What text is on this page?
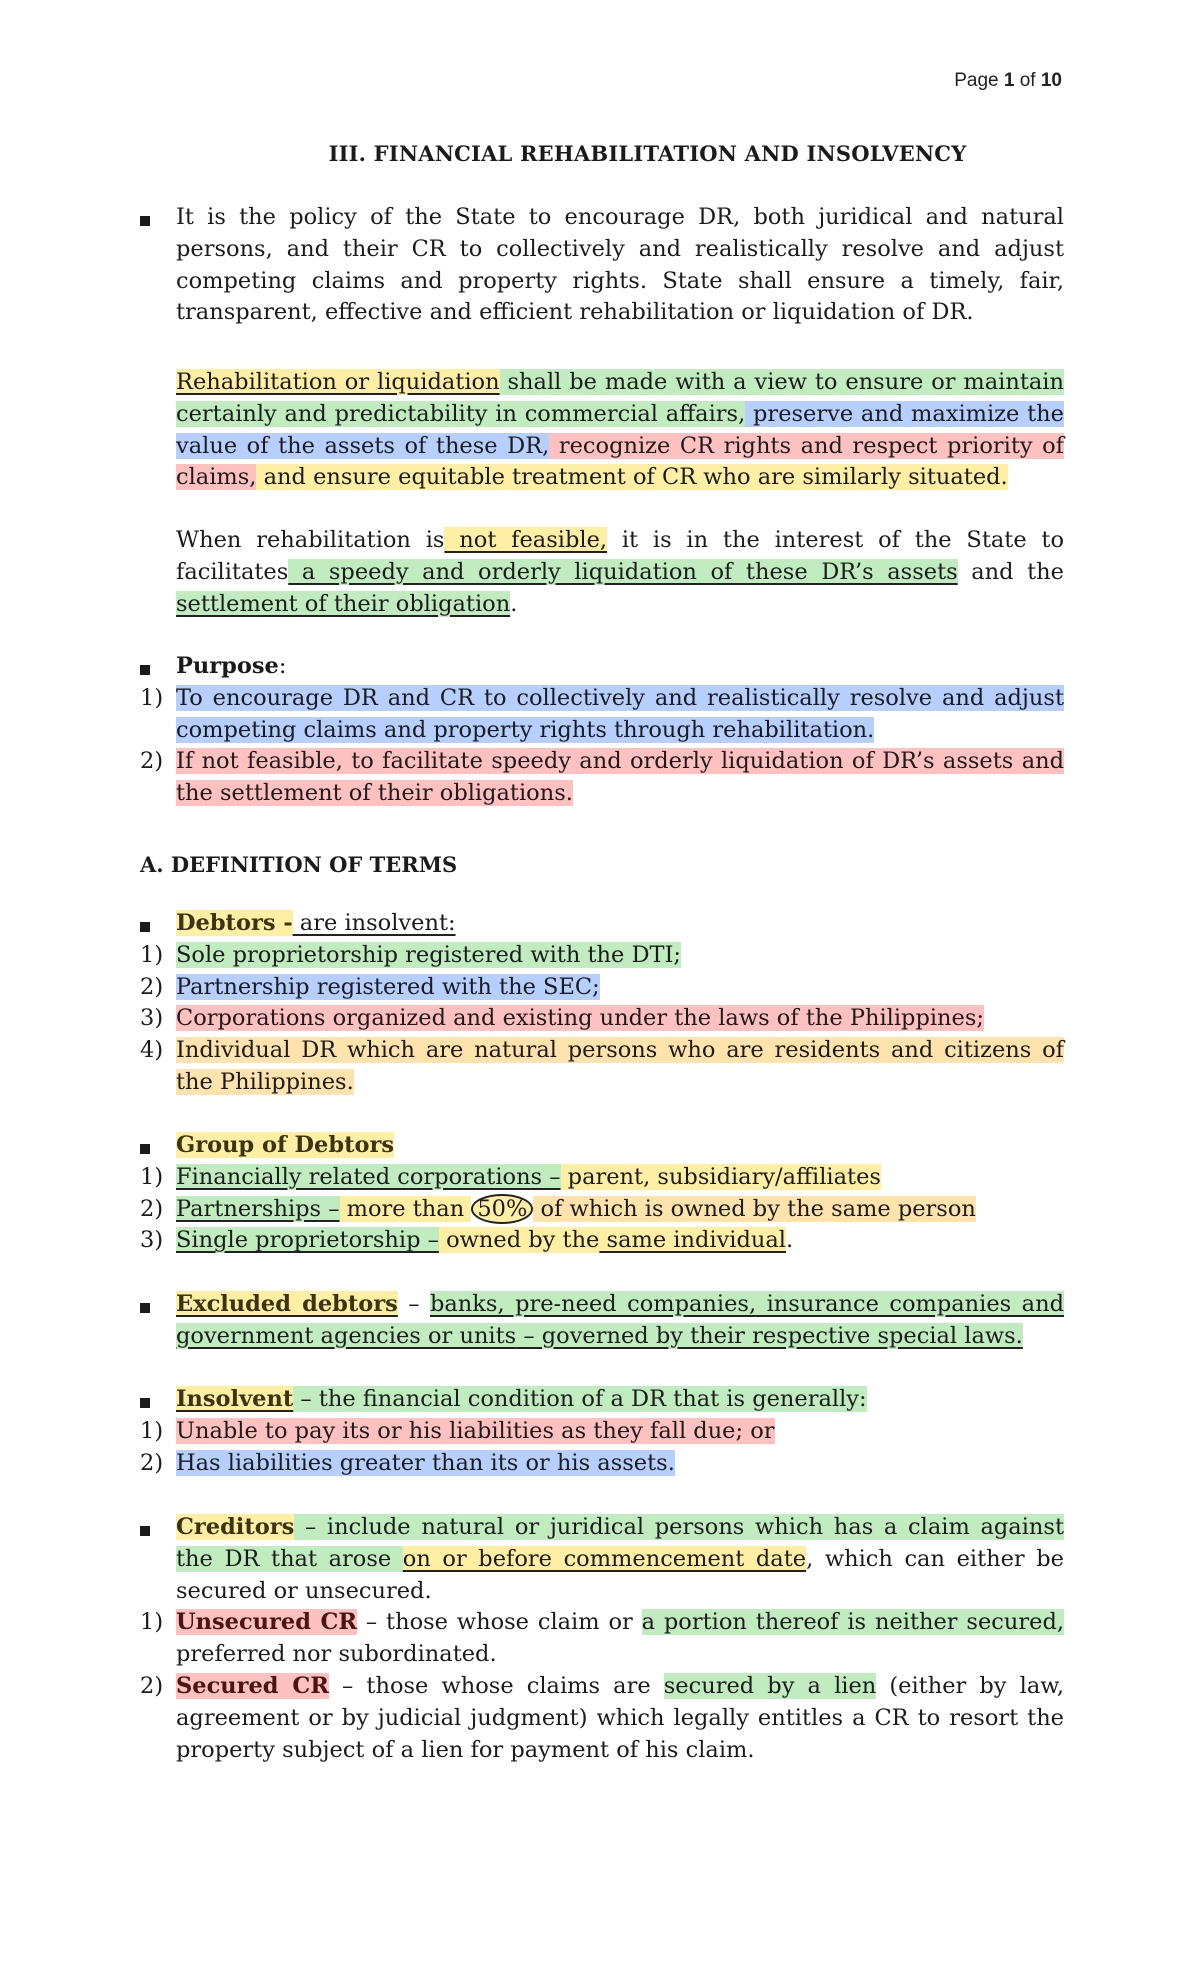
Page 1 of 10
III. FINANCIAL REHABILITATION AND INSOLVENCY
It is the policy of the State to encourage DR, both juridical and natural persons, and their CR to collectively and realistically resolve and adjust competing claims and property rights. State shall ensure a timely, fair, transparent, effective and efficient rehabilitation or liquidation of DR.
Rehabilitation or liquidation shall be made with a view to ensure or maintain certainly and predictability in commercial affairs, preserve and maximize the value of the assets of these DR, recognize CR rights and respect priority of claims, and ensure equitable treatment of CR who are similarly situated.
When rehabilitation is not feasible, it is in the interest of the State to facilitates a speedy and orderly liquidation of these DR’s assets and the settlement of their obligation.
Purpose:
1) To encourage DR and CR to collectively and realistically resolve and adjust competing claims and property rights through rehabilitation.
2) If not feasible, to facilitate speedy and orderly liquidation of DR’s assets and the settlement of their obligations.
A. DEFINITION OF TERMS
Debtors - are insolvent:
1) Sole proprietorship registered with the DTI;
2) Partnership registered with the SEC;
3) Corporations organized and existing under the laws of the Philippines;
4) Individual DR which are natural persons who are residents and citizens of the Philippines.
Group of Debtors
1) Financially related corporations – parent, subsidiary/affiliates
2) Partnerships – more than 50% of which is owned by the same person
3) Single proprietorship – owned by the same individual.
Excluded debtors – banks, pre-need companies, insurance companies and government agencies or units – governed by their respective special laws.
Insolvent – the financial condition of a DR that is generally:
1) Unable to pay its or his liabilities as they fall due; or
2) Has liabilities greater than its or his assets.
Creditors – include natural or juridical persons which has a claim against the DR that arose on or before commencement date, which can either be secured or unsecured.
1) Unsecured CR – those whose claim or a portion thereof is neither secured, preferred nor subordinated.
2) Secured CR – those whose claims are secured by a lien (either by law, agreement or by judicial judgment) which legally entitles a CR to resort the property subject of a lien for payment of his claim.
